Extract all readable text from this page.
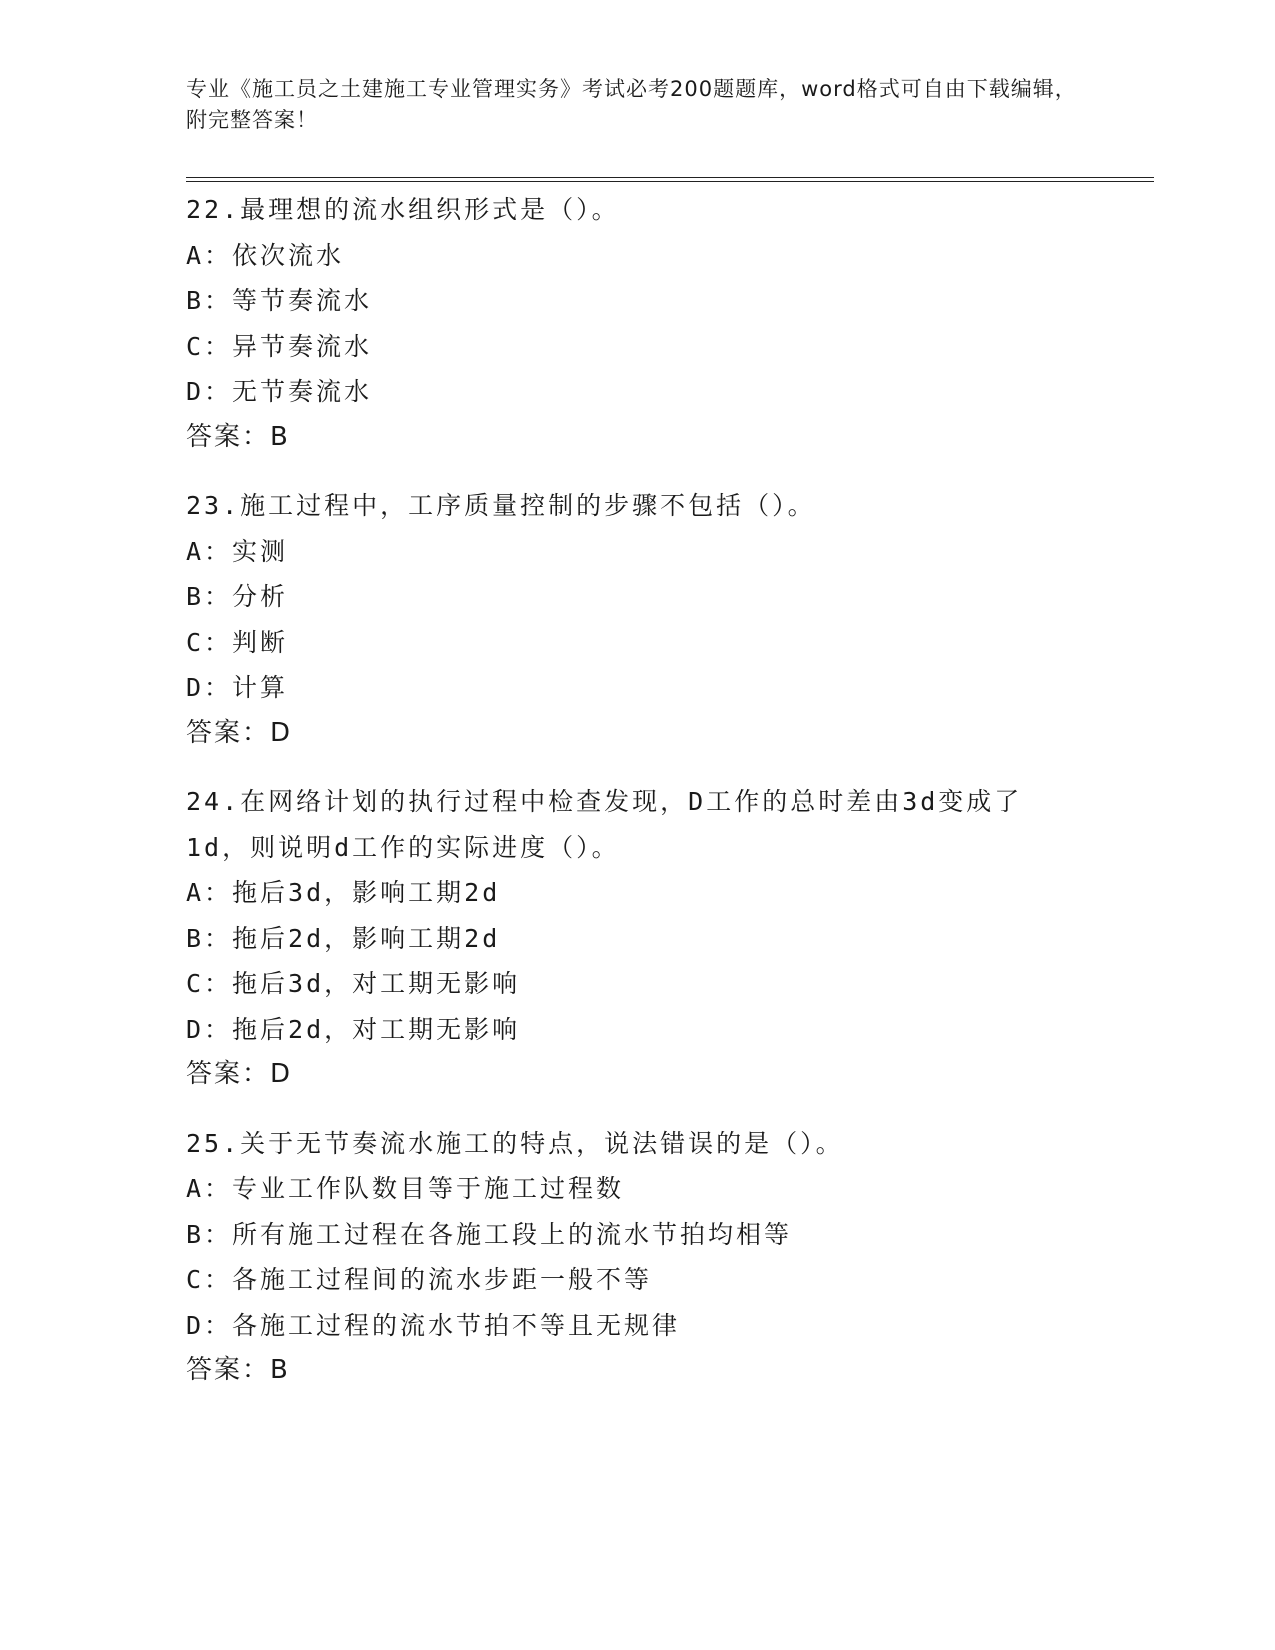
专业《施工员之土建施工专业管理实务》考试必考200题题库，word格式可自由下载编辑，附完整答案！
22.最理想的流水组织形式是（）。
A：依次流水
B：等节奏流水
C：异节奏流水
D：无节奏流水
答案：B
23.施工过程中，工序质量控制的步骤不包括（）。
A：实测
B：分析
C：判断
D：计算
答案：D
24.在网络计划的执行过程中检查发现，D工作的总时差由3d变成了1d，则说明d工作的实际进度（）。
A：拖后3d，影响工期2d
B：拖后2d，影响工期2d
C：拖后3d，对工期无影响
D：拖后2d，对工期无影响
答案：D
25.关于无节奏流水施工的特点，说法错误的是（）。
A：专业工作队数目等于施工过程数
B：所有施工过程在各施工段上的流水节拍均相等
C：各施工过程间的流水步距一般不等
D：各施工过程的流水节拍不等且无规律
答案：B
